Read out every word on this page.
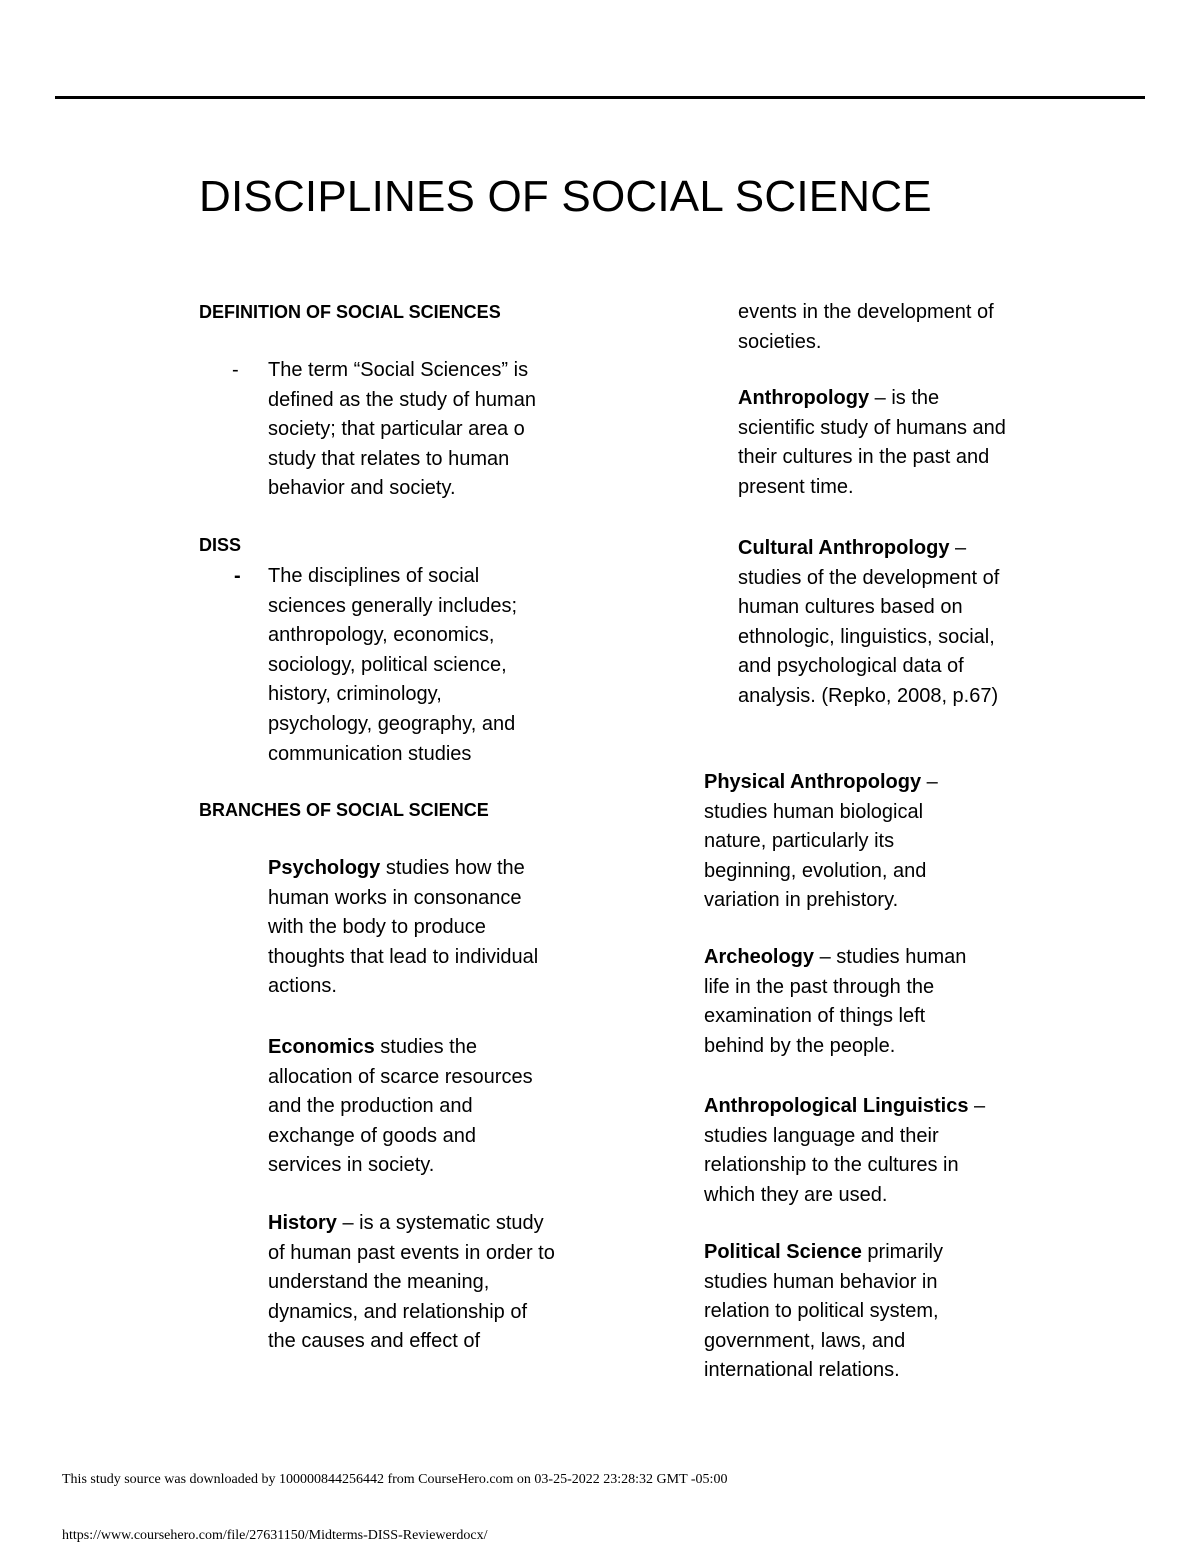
DISCIPLINES OF SOCIAL SCIENCE
DEFINITION OF SOCIAL SCIENCES
- The term “Social Sciences” is defined as the study of human society; that particular area o study that relates to human behavior and society.

DISS
- The disciplines of social sciences generally includes; anthropology, economics, sociology, political science, history, criminology, psychology, geography, and communication studies

BRANCHES OF SOCIAL SCIENCE

Psychology studies how the human works in consonance with the body to produce thoughts that lead to individual actions.

Economics studies the allocation of scarce resources and the production and exchange of goods and services in society.

History – is a systematic study of human past events in order to understand the meaning, dynamics, and relationship of the causes and effect of

events in the development of societies.

Anthropology – is the scientific study of humans and their cultures in the past and present time.

Cultural Anthropology – studies of the development of human cultures based on ethnologic, linguistics, social, and psychological data of analysis. (Repko, 2008, p.67)

Physical Anthropology – studies human biological nature, particularly its beginning, evolution, and variation in prehistory.

Archeology – studies human life in the past through the examination of things left behind by the people.

Anthropological Linguistics – studies language and their relationship to the cultures in which they are used.

Political Science primarily studies human behavior in relation to political system, government, laws, and international relations.

This study source was downloaded by 100000844256442 from CourseHero.com on 03-25-2022 23:28:32 GMT -05:00
https://www.coursehero.com/file/27631150/Midterms-DISS-Reviewerdocx/
